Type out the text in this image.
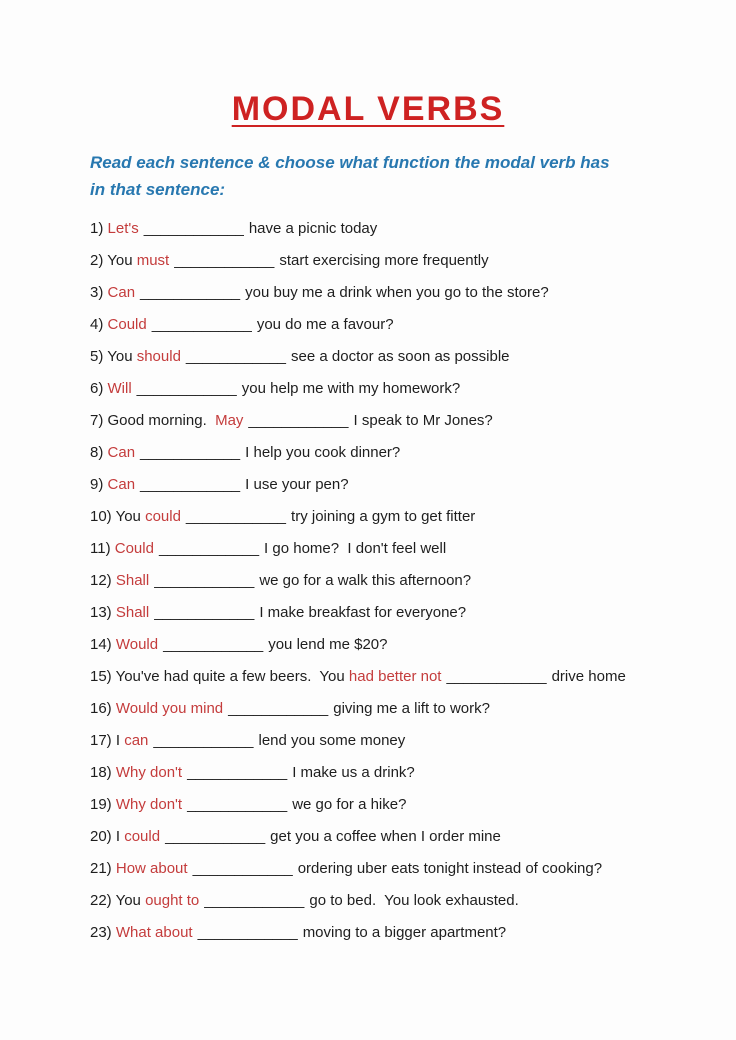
MODAL VERBS
Read each sentence & choose what function the modal verb has in that sentence:
1) Let's ____________ have a picnic today
2) You must ____________ start exercising more frequently
3) Can ____________ you buy me a drink when you go to the store?
4) Could ____________ you do me a favour?
5) You should ____________ see a doctor as soon as possible
6) Will ____________ you help me with my homework?
7) Good morning.  May ____________ I speak to Mr Jones?
8) Can ____________ I help you cook dinner?
9) Can ____________ I use your pen?
10) You could ____________ try joining a gym to get fitter
11) Could ____________ I go home?  I don't feel well
12) Shall ____________ we go for a walk this afternoon?
13) Shall ____________ I make breakfast for everyone?
14) Would ____________ you lend me $20?
15) You've had quite a few beers.  You had better not ____________ drive home
16) Would you mind ____________ giving me a lift to work?
17) I can ____________ lend you some money
18) Why don't ____________ I make us a drink?
19) Why don't ____________ we go for a hike?
20) I could ____________ get you a coffee when I order mine
21) How about ____________ ordering uber eats tonight instead of cooking?
22) You ought to ____________ go to bed.  You look exhausted.
23) What about ____________ moving to a bigger apartment?
